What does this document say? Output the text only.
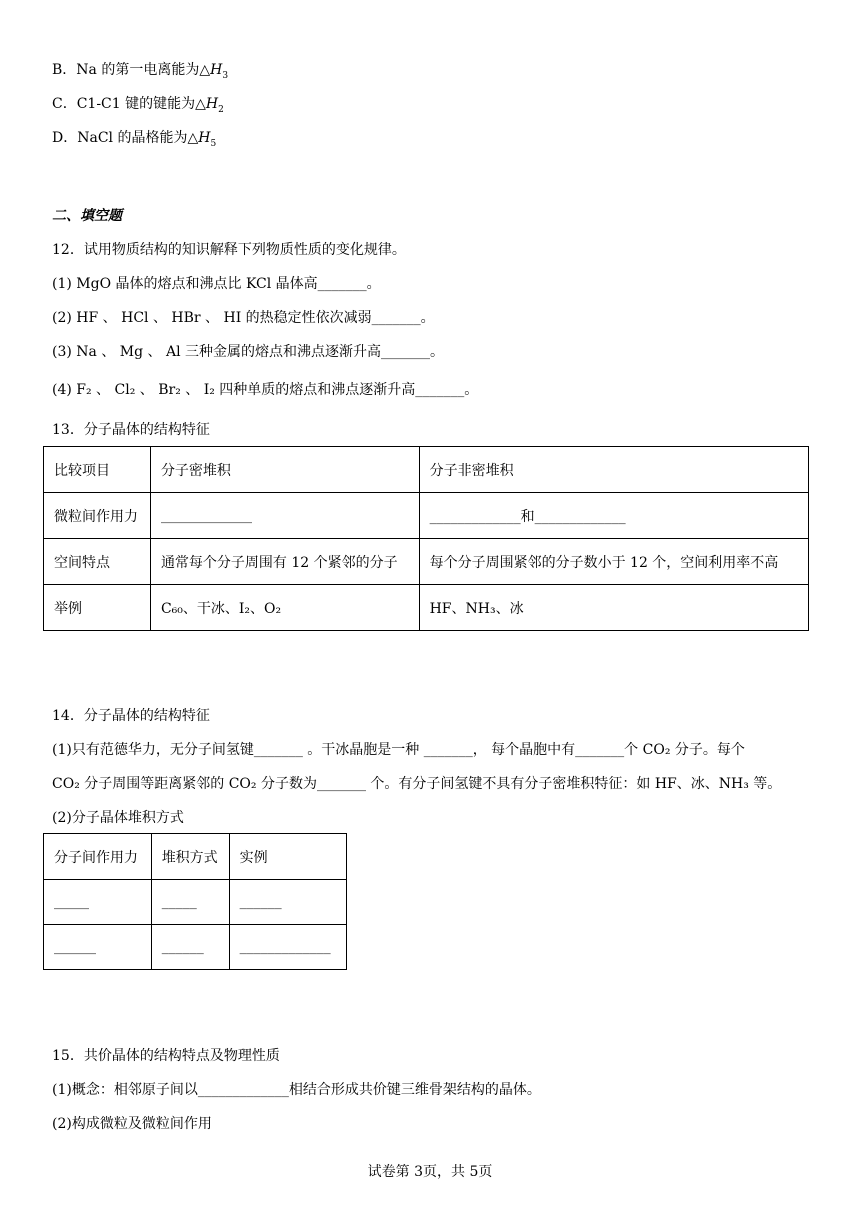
B．Na 的第一电离能为$\triangle H_3$
C．C1-C1 键的键能为$\triangle H_2$
D．NaCl 的晶格能为$\triangle H_5$
二、填空题
12．试用物质结构的知识解释下列物质性质的变化规律。
(1) MgO 晶体的熔点和沸点比 KCl 晶体高_______。
(2) HF 、 HCl 、 HBr 、 HI 的热稳定性依次减弱_______。
(3) Na 、 Mg 、 Al 三种金属的熔点和沸点逐渐升高_______。
(4) F₂ 、 Cl₂ 、 Br₂ 、 I₂ 四种单质的熔点和沸点逐渐升高_______。
13．分子晶体的结构特征
比较项目	分子密堆积	分子非密堆积
微粒间作用力	_____________	_____________和_____________
空间特点	通常每个分子周围有 12 个紧邻的分子	每个分子周围紧邻的分子数小于 12 个，空间利用率不高
举例	C₆₀、干冰、I₂、O₂	HF、NH₃、冰
14．分子晶体的结构特征
(1)只有范德华力，无分子间氢键_______ 。干冰晶胞是一种 _______， 每个晶胞中有_______个 CO₂ 分子。每个
CO₂ 分子周围等距离紧邻的 CO₂ 分子数为_______ 个。有分子间氢键不具有分子密堆积特征：如 HF、冰、NH₃ 等。
(2)分子晶体堆积方式
分子间作用力	堆积方式	实例
_____	_____	______
______	______	_____________
15．共价晶体的结构特点及物理性质
(1)概念：相邻原子间以_____________相结合形成共价键三维骨架结构的晶体。
(2)构成微粒及微粒间作用
试卷第 3页，共 5页
